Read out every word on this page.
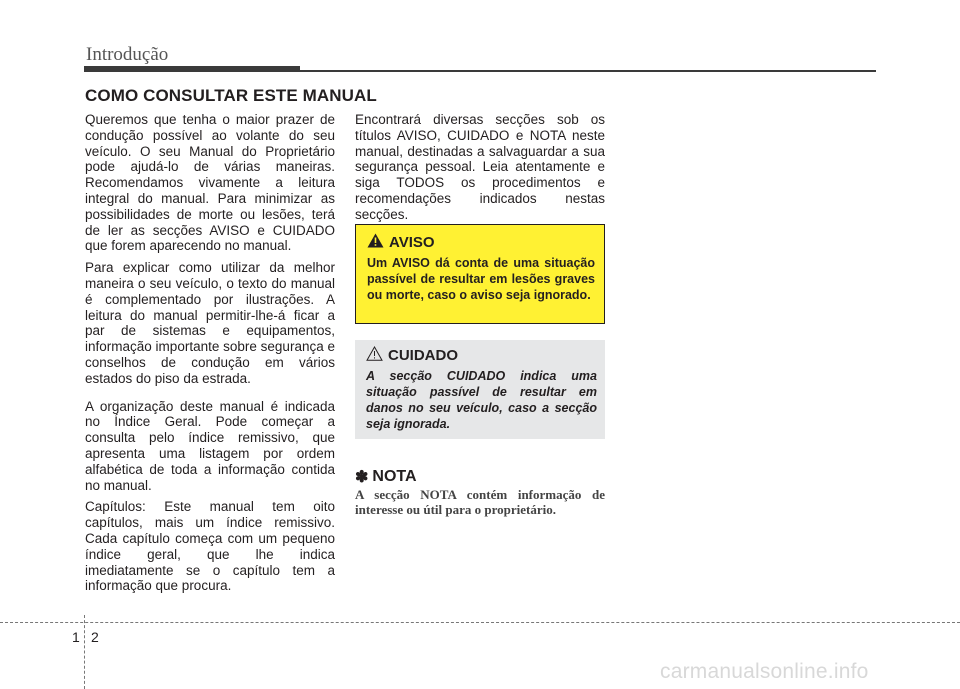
Introdução
COMO CONSULTAR ESTE MANUAL

Queremos que tenha o maior prazer de condução possível ao volante do seu veículo. O seu Manual do Proprietário pode ajudá-lo de várias maneiras. Recomendamos vivamente a leitura integral do manual. Para minimizar as possibilidades de morte ou lesões, terá de ler as secções AVISO e CUIDADO que forem aparecendo no manual.

Para explicar como utilizar da melhor maneira o seu veículo, o texto do manual é complementado por ilustrações. A leitura do manual permitir-lhe-á ficar a par de sistemas e equipamentos, informação importante sobre segurança e conselhos de condução em vários estados do piso da estrada.

A organização deste manual é indicada no Índice Geral. Pode começar a consulta pelo índice remissivo, que apresenta uma listagem por ordem alfabética de toda a informação contida no manual.

Capítulos: Este manual tem oito capítulos, mais um índice remissivo. Cada capítulo começa com um pequeno índice geral, que lhe indica imediatamente se o capítulo tem a informação que procura.

Encontrará diversas secções sob os títulos AVISO, CUIDADO e NOTA neste manual, destinadas a salvaguardar a sua segurança pessoal. Leia atentamente e siga TODOS os procedimentos e recomendações indicados nestas secções.

AVISO
Um AVISO dá conta de uma situação passível de resultar em lesões graves ou morte, caso o aviso seja ignorado.
CUIDADO
A secção CUIDADO indica uma situação passível de resultar em danos no seu veículo, caso a secção seja ignorada.
✽ NOTA
A secção NOTA contém informação de interesse ou útil para o proprietário.
1 2
carmanualsonline.info
